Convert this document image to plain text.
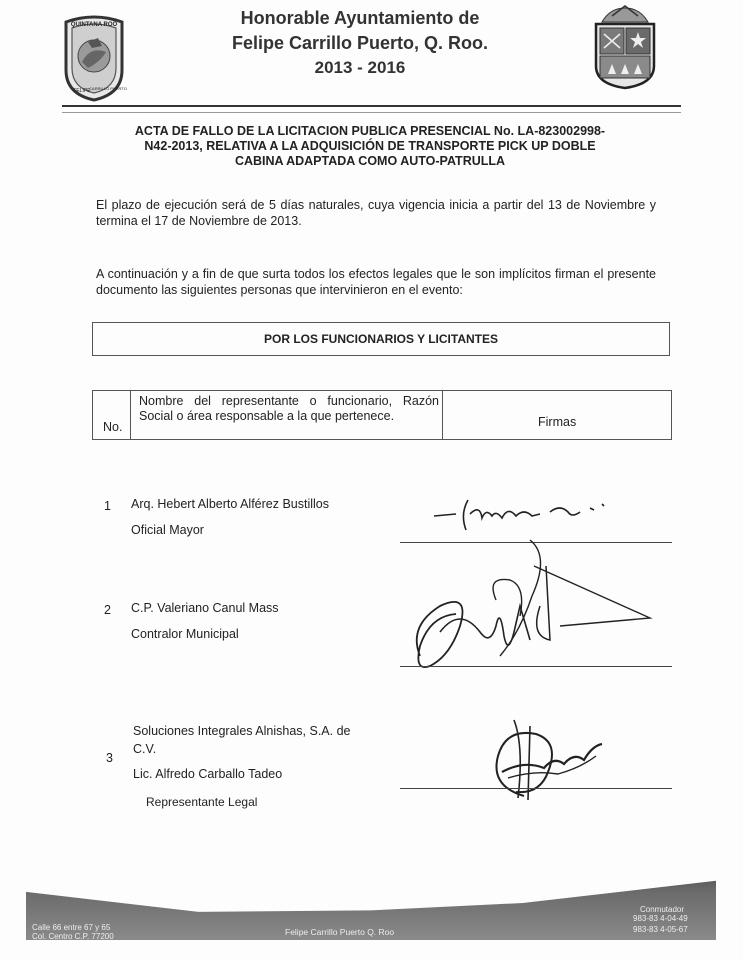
QUINTANA ROO
FELIPE
CARRILLO PUERTO
Honorable Ayuntamiento de
Felipe Carrillo Puerto, Q. Roo.
2013 - 2016
ACTA DE FALLO DE LA LICITACION PUBLICA PRESENCIAL No. LA-823002998-
N42-2013, RELATIVA A LA ADQUISICIÓN DE TRANSPORTE PICK UP DOBLE
CABINA ADAPTADA COMO AUTO-PATRULLA

El plazo de ejecución será de 5 días naturales, cuya vigencia inicia a partir del 13 de Noviembre y termina el 17 de Noviembre de 2013.

A continuación y a fin de que surta todos los efectos legales que le son implícitos firman el presente documento las siguientes personas que intervinieron en el evento:

POR LOS FUNCIONARIOS Y LICITANTES
No.
Nombre del representante o funcionario, Razón Social o área responsable a la que pertenece.	Firmas
1 Arq. Hebert Alberto Alférez Bustillos
Oficial Mayor
2 C.P. Valeriano Canul Mass
Contralor Municipal
Soluciones Integrales Alnishas, S.A. de
C.V.
3
Lic. Alfredo Carballo Tadeo
Representante Legal
Calle 66 entre 67 y 65
Col. Centro C.P. 77200	Felipe Carrillo Puerto Q. Roo
Conmutador
983-83 4-04-49
983-83 4-05-67
